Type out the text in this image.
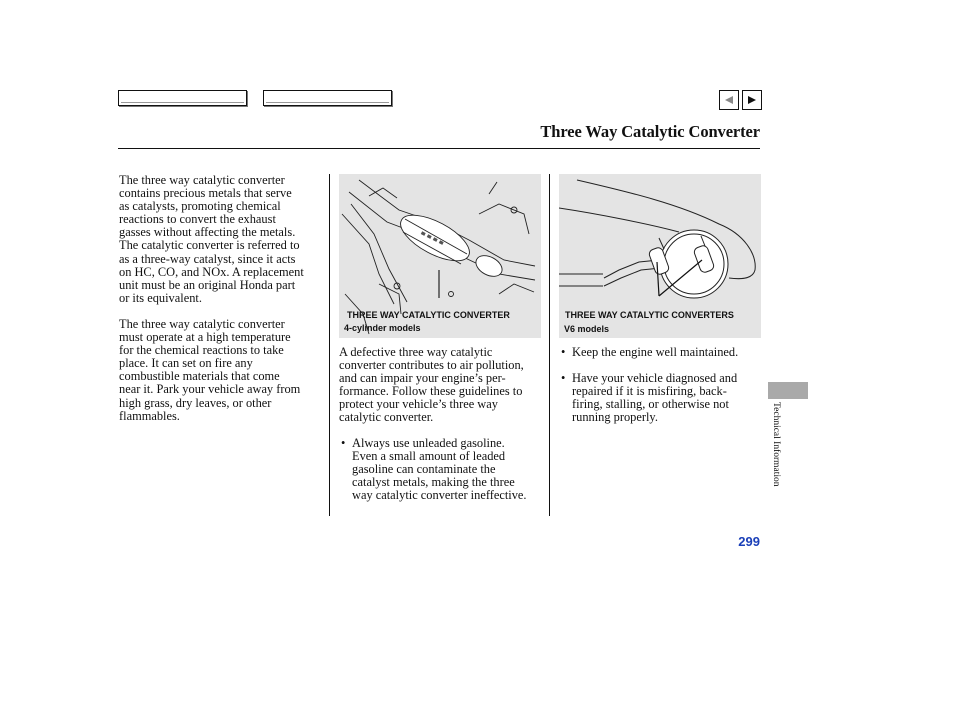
Three Way Catalytic Converter

The three way catalytic converter

contains precious metals that serve

as catalysts, promoting chemical

reactions to convert the exhaust

gasses without affecting the metals.

The catalytic converter is referred to

as a three-way catalyst, since it acts

on HC, CO, and NOx. A replacement

unit must be an original Honda part

or its equivalent.

The three way catalytic converter

must operate at a high temperature

for the chemical reactions to take

place. It can set on fire any

combustible materials that come

near it. Park your vehicle away from

high grass, dry leaves, or other

flammables.

THREE WAY CATALYTIC CONVERTER
4-cylinder models
THREE WAY CATALYTIC CONVERTERS
V6 models

A defective three way catalytic

converter contributes to air pollution,

and can impair your engine’s per-

formance. Follow these guidelines to

protect your vehicle’s three way

catalytic converter.

• Always use unleaded gasoline.

Even a small amount of leaded

gasoline can contaminate the

catalyst metals, making the three

way catalytic converter ineffective.

• Keep the engine well maintained.

• Have your vehicle diagnosed and

repaired if it is misfiring, back-

firing, stalling, or otherwise not

running properly.	Technical Information
299
